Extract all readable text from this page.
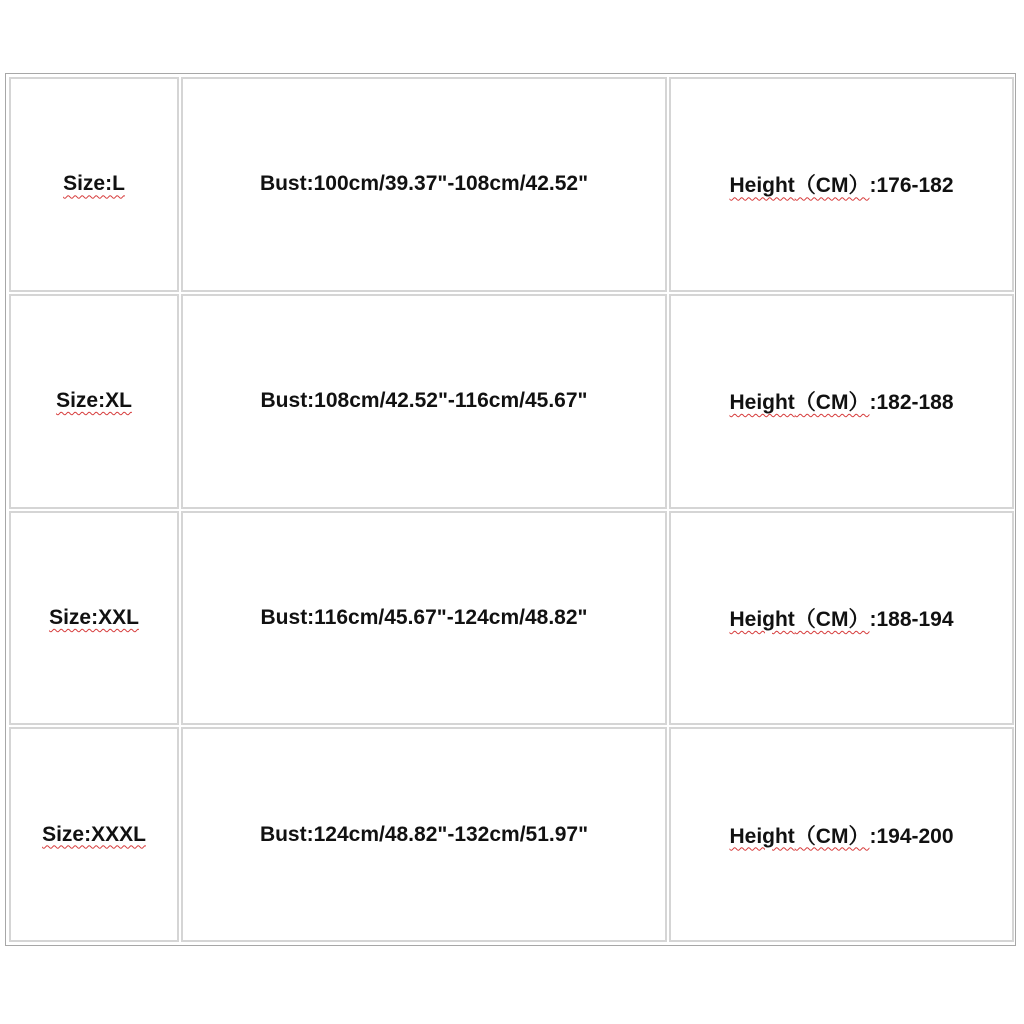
Size:L	Bust:100cm/39.37"-108cm/42.52"	Height（CM）:176-182
Size:XL	Bust:108cm/42.52"-116cm/45.67"	Height（CM）:182-188
Size:XXL	Bust:116cm/45.67"-124cm/48.82"	Height（CM）:188-194
Size:XXXL	Bust:124cm/48.82"-132cm/51.97"	Height（CM）:194-200
